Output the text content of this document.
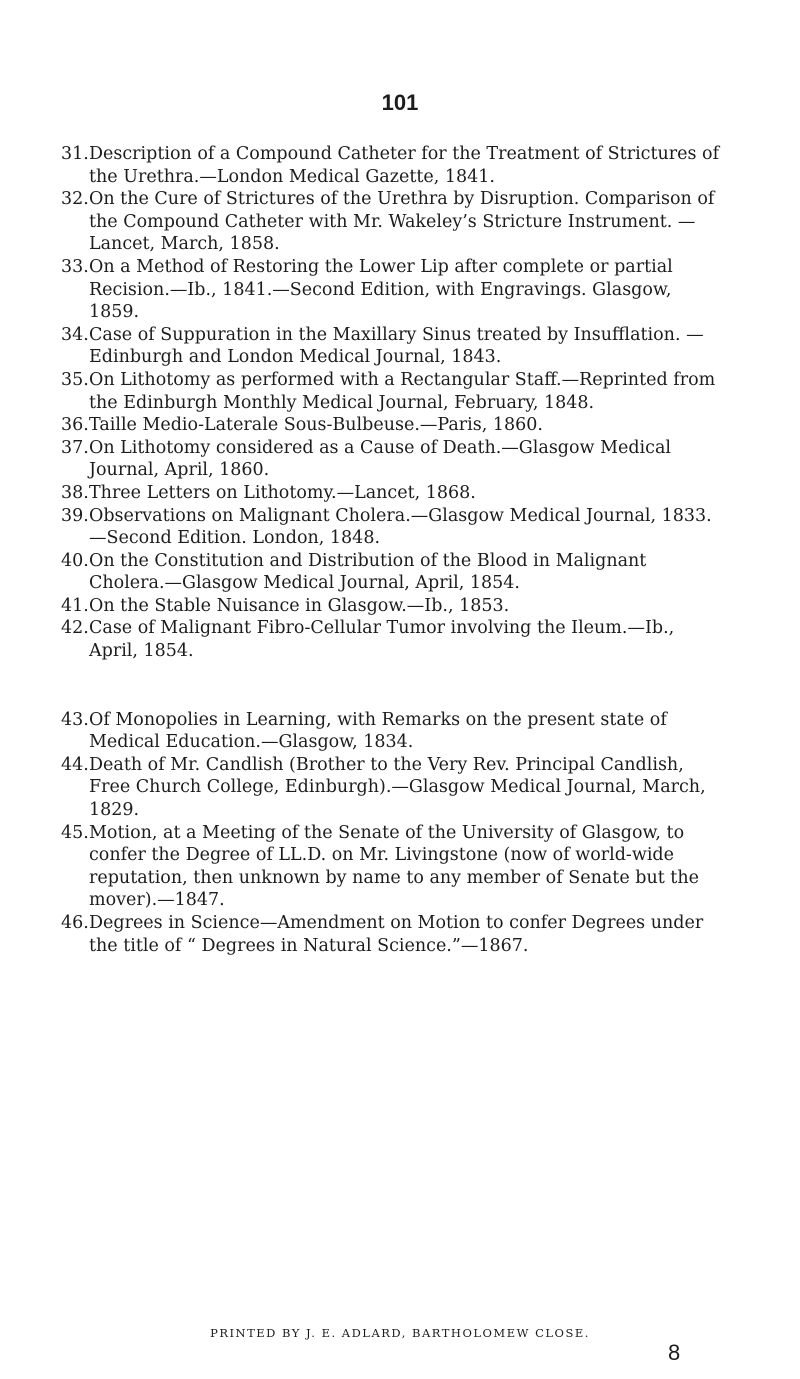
101
31. Description of a Compound Catheter for the Treatment of Strictures of the Urethra.—London Medical Gazette, 1841.
32. On the Cure of Strictures of the Urethra by Disruption. Comparison of the Compound Catheter with Mr. Wakeley’s Stricture Instrument. —Lancet, March, 1858.
33. On a Method of Restoring the Lower Lip after complete or partial Recision.—Ib., 1841.—Second Edition, with Engravings. Glasgow, 1859.
34. Case of Suppuration in the Maxillary Sinus treated by Insufflation. —Edinburgh and London Medical Journal, 1843.
35. On Lithotomy as performed with a Rectangular Staff.—Reprinted from the Edinburgh Monthly Medical Journal, February, 1848.
36. Taille Medio-Laterale Sous-Bulbeuse.—Paris, 1860.
37. On Lithotomy considered as a Cause of Death.—Glasgow Medical Journal, April, 1860.
38. Three Letters on Lithotomy.—Lancet, 1868.
39. Observations on Malignant Cholera.—Glasgow Medical Journal, 1833. —Second Edition. London, 1848.
40. On the Constitution and Distribution of the Blood in Malignant Cholera.—Glasgow Medical Journal, April, 1854.
41. On the Stable Nuisance in Glasgow.—Ib., 1853.
42. Case of Malignant Fibro-Cellular Tumor involving the Ileum.—Ib., April, 1854.
43. Of Monopolies in Learning, with Remarks on the present state of Medical Education.—Glasgow, 1834.
44. Death of Mr. Candlish (Brother to the Very Rev. Principal Candlish, Free Church College, Edinburgh).—Glasgow Medical Journal, March, 1829.
45. Motion, at a Meeting of the Senate of the University of Glasgow, to confer the Degree of LL.D. on Mr. Livingstone (now of world-wide reputation, then unknown by name to any member of Senate but the mover).—1847.
46. Degrees in Science—Amendment on Motion to confer Degrees under the title of “ Degrees in Natural Science.”—1867.
PRINTED BY J. E. ADLARD, BARTHOLOMEW CLOSE.
8
